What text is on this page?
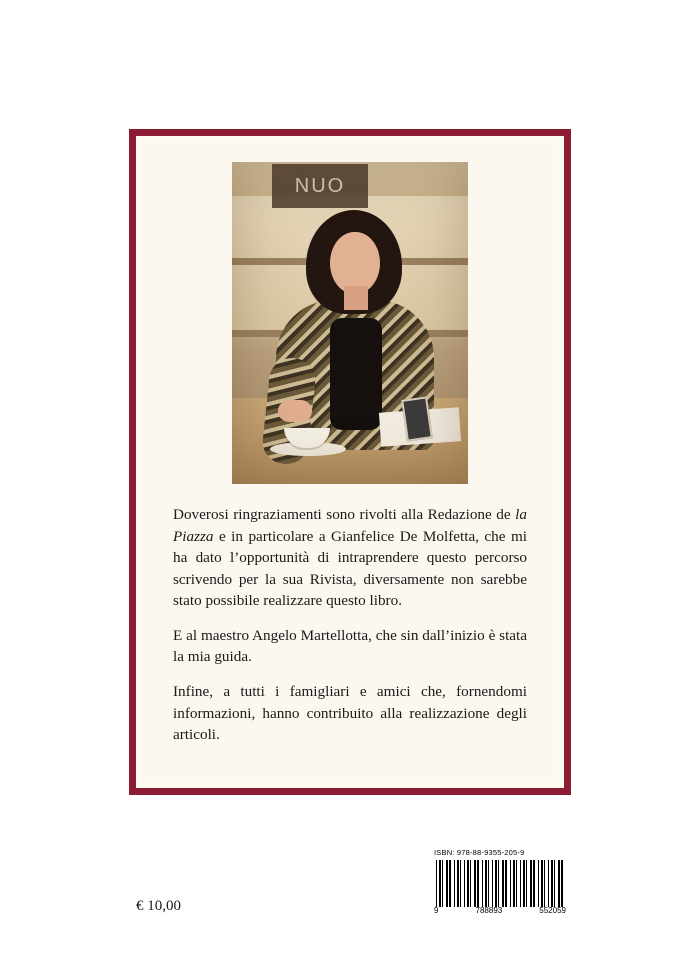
NUO

Doverosi ringraziamenti sono rivolti alla Redazione de la Piazza e in particolare a Gianfelice De Molfetta, che mi ha dato l’opportunità di intraprendere questo percorso scrivendo per la sua Rivista, diversamente non sarebbe stato possibile realizzare questo libro.

E al maestro Angelo Martellotta, che sin dall’inizio è stata la mia guida.

Infine, a tutti i famigliari e amici che, fornendomi informazioni, hanno contribuito alla realizzazione degli articoli.

€ 10,00
ISBN: 978-88-9355-205-9
9	788893	552059
